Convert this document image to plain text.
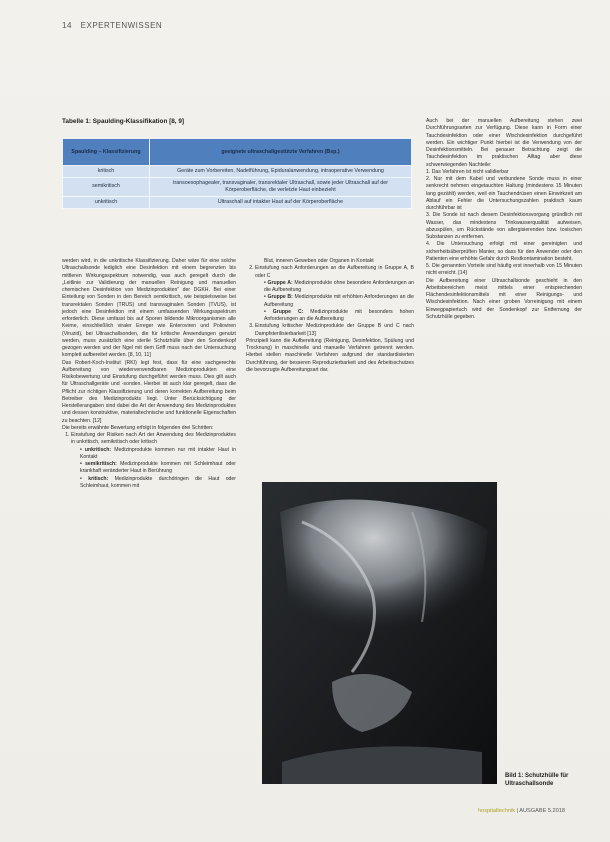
14 EXPERTENWISSEN
Tabelle 1: Spaulding-Klassifikation [8, 9]
Spaulding – Klassifizierung	geeignete ultraschallgestützte Verfahren (Bsp.)
kritisch	Geräte zum Vorbereiten, Nadelführung, Epiduralanwendung, intraoperative Verwendung
semikritisch	transoesophagealer, transvaginaler, transrektaler Ultraschall, sowie jeder Ultraschall auf der Körperoberfläche, die verletzte Haut einbezieht
unkritisch	Ultraschall auf intakter Haut auf der Körperoberfläche

werden wird, in die unkritische Klassifizierung. Daher wäre für eine solche Ultraschallsonde lediglich eine Desinfektion mit einem begrenzten bis mittleren Wirkungsspektrum notwendig, was auch geregelt durch die „Leitlinie zur Validierung der manuellen Reinigung und manuellen chemischen Desinfektion von Medizinprodukten“ der DGKH. Bei einer Einteilung von Sonden in den Bereich semikritisch, wie beispielsweise bei transrektalen Sonden (TRUS) und transvaginalen Sonden (TVUS), ist jedoch eine Desinfektion mit einem umfassenden Wirkungsspektrum erforderlich. Diese umfasst bis auf Sporen bildende Mikroorganismen alle Keime, einschließlich viraler Erreger wie Enteroviren und Polioviren (Viruzid), bei Ultraschallsonden, die für kritische Anwendungen genutzt werden, muss zusätzlich eine sterile Schutzhülle über den Sondenkopf gezogen werden und der Ngel mit dem Griff muss nach der Untersuchung komplett aufbereitet werden. [8, 10, 11]

Das Robert-Koch-Institut (RKI) legt fest, dass für eine sachgerechte Aufbereitung von wiederverwendbaren Medizinprodukten eine Risikobewertung und Einstufung durchgeführt werden muss. Dies gilt auch für Ultraschallgeräte und -sonden. Hierbei ist auch klar geregelt, dass die Pflicht zur richtigen Klassifizierung und deren korrekten Aufbereitung beim Betreiber des Medizinprodukts liegt. Unter Berücksichtigung der Herstellerangaben sind dabei die Art der Anwendung des Medizinproduktes und dessen konstruktive, materialtechnische und funktionelle Eigenschaften zu beachten. [12]

Die bereits erwähnte Bewertung erfolgt in folgenden drei Schritten:

1. Einstufung der Risiken nach Art der Anwendung des Medizinproduktes in unkritisch, semikritisch oder kritisch
• unkritisch: Medizinprodukte kommen nur mit intakter Haut in Kontakt
• semikritisch: Medizinprodukte kommen mit Schleimhaut oder krankhaft veränderter Haut in Berührung
• kritisch: Medizinprodukte durchdringen die Haut oder Schleimhaut, kommen mit

Blut, inneren Geweben oder Organen in Kontakt

2. Einstufung nach Anforderungen an die Aufbereitung in Gruppe A, B oder C
• Gruppe A: Medizinprodukte ohne besondere Anforderungen an die Aufbereitung
• Gruppe B: Medizinprodukte mit erhöhten Anforderungen an die Aufbereitung
• Gruppe C: Medizinprodukte mit besonders hohen Anforderungen an die Aufbereitung
3. Einstufung kritischer Medizinprodukte der Gruppe B und C nach Dampfsterilisierbarkeit [13]

Prinzipiell kann die Aufbereitung (Reinigung, Desinfektion, Spülung und Trocknung) in maschinelle und manuelle Verfahren getrennt werden. Hierbei stellen maschinelle Verfahren aufgrund der standardisierten Durchführung, der besseren Reproduzierbarkeit und des Arbeitsschutzes die bevorzugte Aufbereitungsart dar.

Auch bei der manuellen Aufbereitung stehen zwei Durchführungsarten zur Verfügung. Diese kann in Form einer Tauchdesinfektion oder einer Wischdesinfektion durchgeführt werden. Ein wichtiger Punkt hierbei ist die Verwendung von der Desinfektionsmitteln. Bei genauer Betrachtung zeigt die Tauchdesinfektion im praktischen Alltag aber diese schwerwiegenden Nachteile:

1. Das Verfahren ist nicht validierbar

2. Nur mit dem Kabel und verbundene Sonde muss in einer senkrecht nehmen eingetauchten Haltung (mindestens 15 Minuten lang gezählt) werden, weil ein Tauchendrüsen einen Einwirkzeit am Ablauf ein Fehler die Untersuchungszahlen praktisch kaum durchführbar ist

3. Die Sonde ist nach diesem Desinfektionsvorgang gründlich mit Wasser, das mindestens Trinkwasserqualität aufweisen, abzuspülen, um Rückstände von allergisierenden bzw. toxischen Substanzen zu entfernen.

4. Die Untersuchung erfolgt mit einer gereinigten und sicherheitsüberprüften Manier, so dass für den Anwender oder den Patienten eine erhöhte Gefahr durch Restkontamination besteht.

5. Die genannten Vorteile sind häufig erst innerhalb von 15 Minuten nicht erreicht. [14]

Die Aufbereitung einer Ultraschallsonde geschieht in den Arbeitsbereichen meist mittels einer entsprechenden Flächendesinfektionsmittels mit einer Reinigungs- und Wischdesinfektion. Nach einer groben Vorreinigung mit einem Einwegpapiertuch wird der Sondenkopf zur Entfernung der Schutzhülle gegeben.

Bild 1: Schutzhülle für Ultraschallsonde
hospitaltechnik | AUSGABE 5.2018
